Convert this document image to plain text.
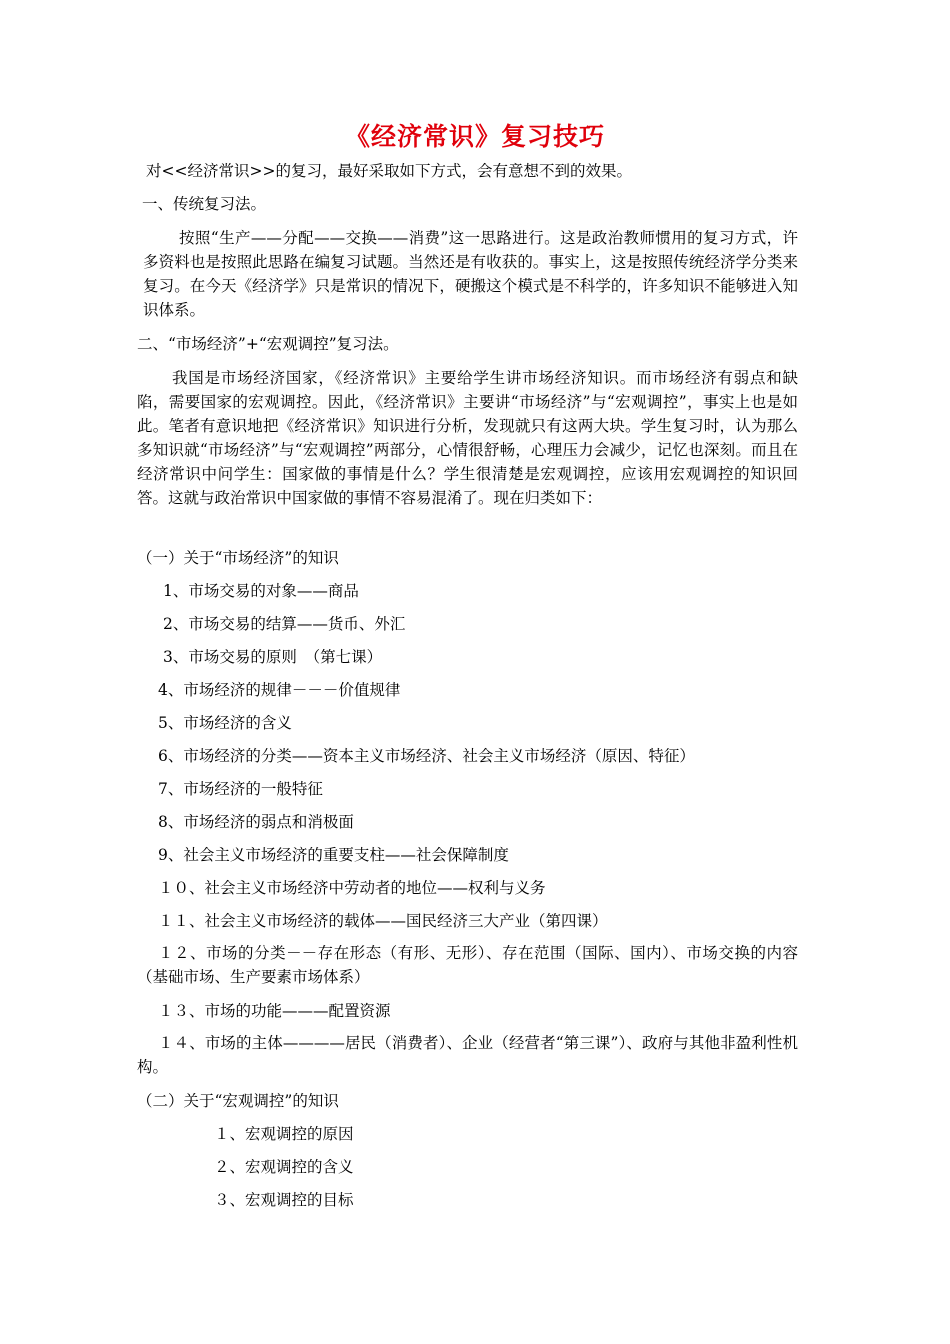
《经济常识》复习技巧
对<<经济常识>>的复习，最好采取如下方式，会有意想不到的效果。
一、传统复习法。
按照“生产——分配——交换——消费”这一思路进行。这是政治教师惯用的复习方式，许多资料也是按照此思路在编复习试题。当然还是有收获的。事实上，这是按照传统经济学分类来复习。在今天《经济学》只是常识的情况下，硬搬这个模式是不科学的，许多知识不能够进入知识体系。
二、“市场经济”+“宏观调控”复习法。
我国是市场经济国家，《经济常识》主要给学生讲市场经济知识。而市场经济有弱点和缺陷，需要国家的宏观调控。因此，《经济常识》主要讲“市场经济”与“宏观调控”，事实上也是如此。笔者有意识地把《经济常识》知识进行分析，发现就只有这两大块。学生复习时，认为那么多知识就“市场经济”与“宏观调控”两部分，心情很舒畅，心理压力会减少，记忆也深刻。而且在经济常识中问学生：国家做的事情是什么？学生很清楚是宏观调控，应该用宏观调控的知识回答。这就与政治常识中国家做的事情不容易混淆了。现在归类如下：
（一）关于“市场经济”的知识
1、市场交易的对象——商品
2、市场交易的结算——货币、外汇
3、市场交易的原则　（第七课）
4、市场经济的规律－－－价值规律
5、市场经济的含义
6、市场经济的分类——资本主义市场经济、社会主义市场经济（原因、特征）
7、市场经济的一般特征
8、市场经济的弱点和消极面
9、社会主义市场经济的重要支柱——社会保障制度
１０、社会主义市场经济中劳动者的地位——权利与义务
１１、社会主义市场经济的载体——国民经济三大产业（第四课）
１２、市场的分类－－存在形态（有形、无形）、存在范围（国际、国内）、市场交换的内容（基础市场、生产要素市场体系）
１３、市场的功能———配置资源
１４、市场的主体————居民（消费者）、企业（经营者“第三课”）、政府与其他非盈利性机构。
（二）关于“宏观调控”的知识
１、宏观调控的原因
２、宏观调控的含义
３、宏观调控的目标
